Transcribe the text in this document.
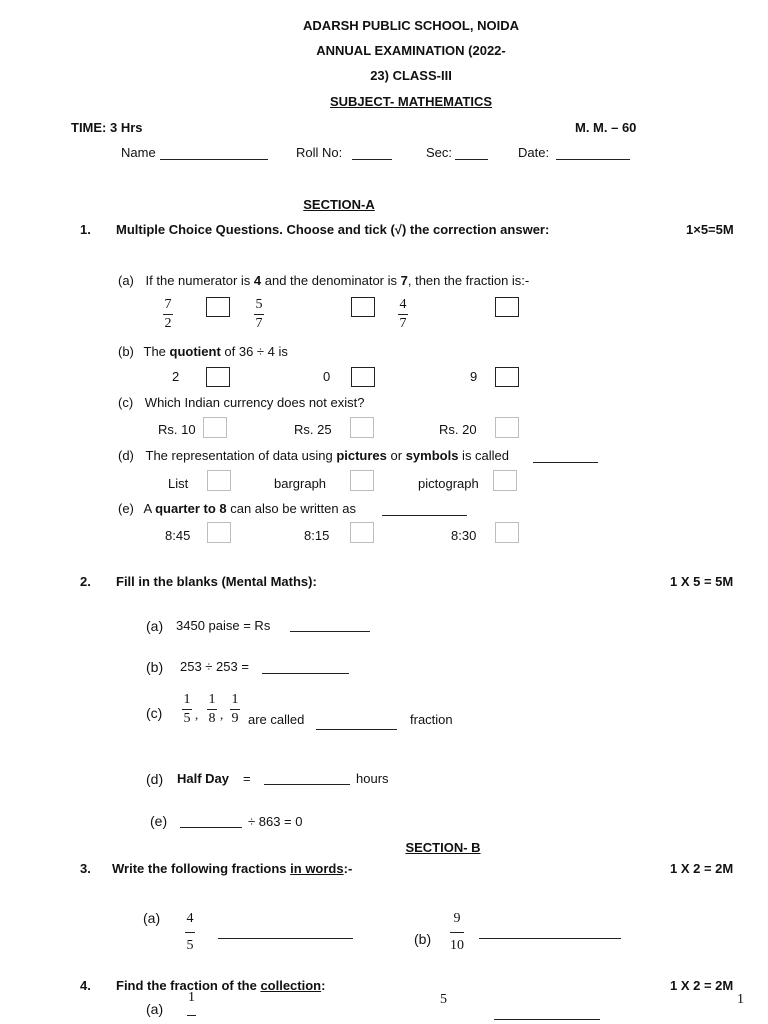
ADARSH PUBLIC SCHOOL, NOIDA
ANNUAL EXAMINATION (2022-
23) CLASS-III
SUBJECT- MATHEMATICS
TIME: 3 Hrs	M. M. – 60
Name	Roll No:	Sec:	Date:
SECTION-A
1. Multiple Choice Questions. Choose and tick (√) the correction answer:	1×5=5M
(a) If the numerator is 4 and the denominator is 7, then the fraction is:-
7
2
5
7
4
7
(b) The quotient of 36 ÷ 4 is
2	0	9
(c) Which Indian currency does not exist?
Rs. 10	Rs. 25	Rs. 20
(d) The representation of data using pictures or symbols is called
List	bargraph	pictograph
(e) A quarter to 8 can also be written as
8:45	8:15	8:30
2. Fill in the blanks (Mental Maths):	1 X 5 = 5M
(a) 3450 paise = Rs
(b) 253 ÷ 253 =
(c)
1
5 ,
1
8 ,
1
9 are called	fraction
(d) Half Day =	hours
(e)	÷ 863 = 0
SECTION- B
3. Write the following fractions in words:-	1 X 2 = 2M
(a) 4
5	(b)
9
10
4. Find the fraction of the collection:	1 X 2 = 2M
(a)
1	5	1
